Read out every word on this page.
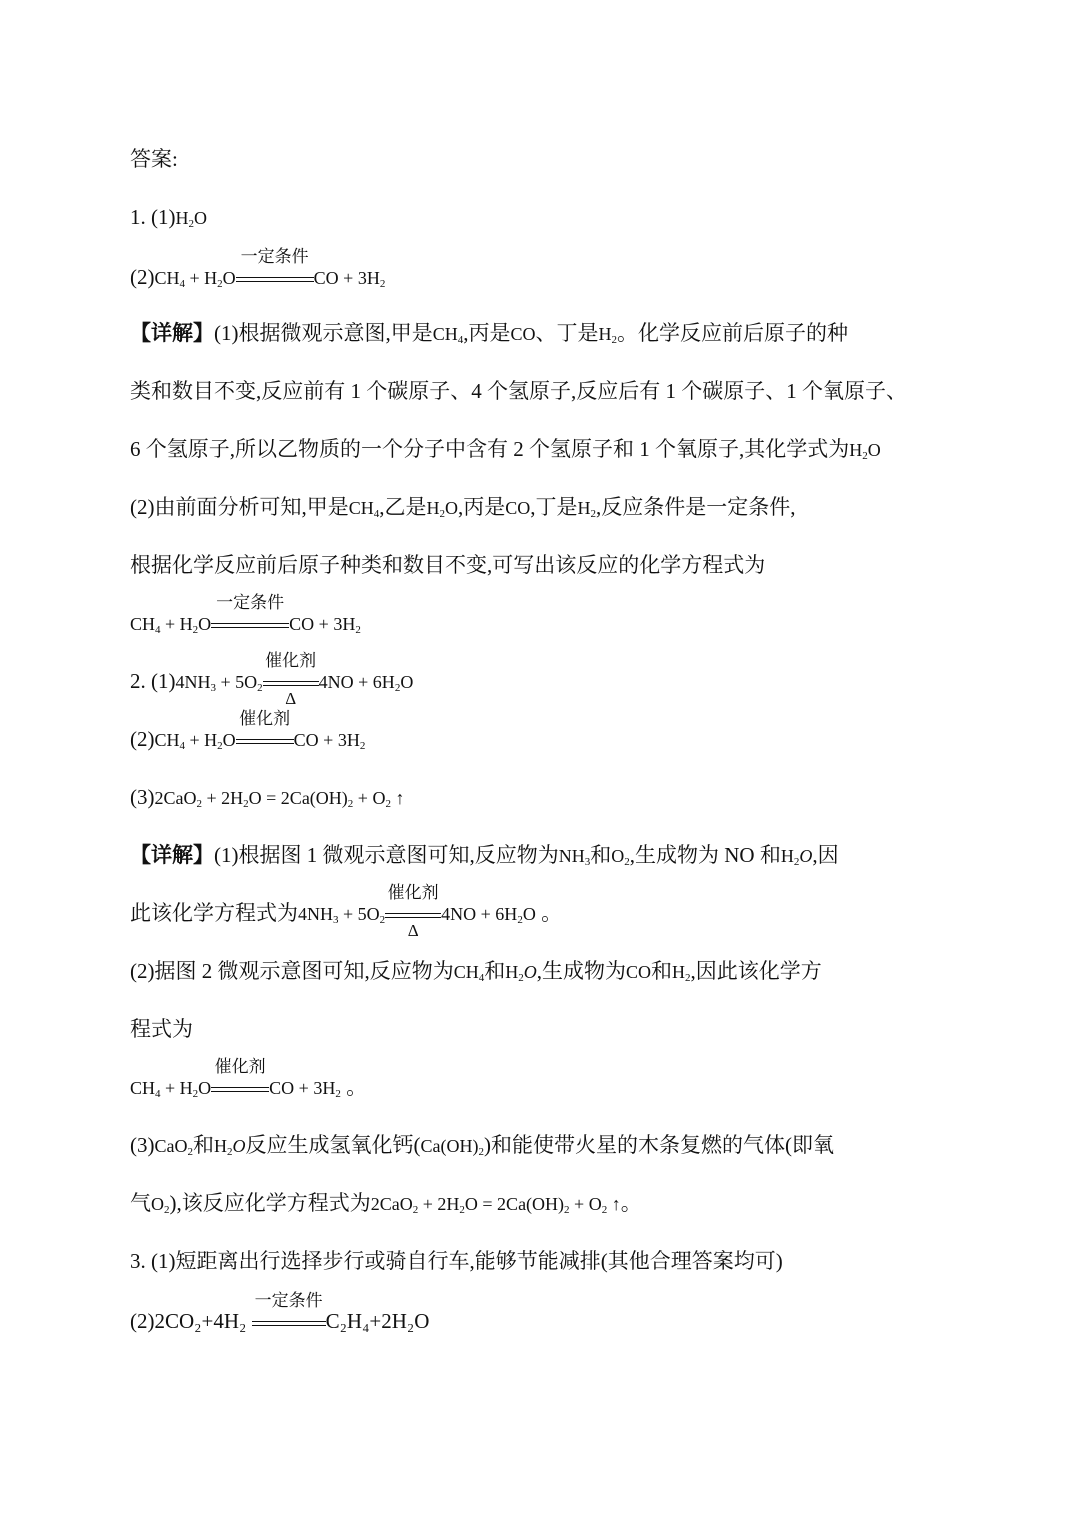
答案:
1. $(1)H_2O$
$(2)CH_4 + H_2O$
一定条件
CO + $3H_2$
【详解】(1)根据微观示意图,甲是$CH_4$,丙是CO、丁是$H_2$。化学反应前后原子的种
类和数目不变,反应前有 1 个碳原子、4 个氢原子,反应后有 1 个碳原子、1 个氧原子、
6 个氢原子,所以乙物质的一个分子中含有 2 个氢原子和 1 个氧原子,其化学式为$H_2O$
(2)由前面分析可知,甲是$CH_4$,乙是$H_2O$,丙是CO,丁是$H_2$,反应条件是一定条件,
根据化学反应前后原子种类和数目不变,可写出该反应的化学方程式为
$CH_4 + H_2O$
一定条件
CO + $3H_2$
2. $(1)4NH_3 + 5O_2$
催化剂
Δ
$4NO + 6H_2O$
$(2)CH_4 + H_2O$
催化剂
CO + $3H_2$
$(3)2CaO_2 + 2H_2O = 2Ca(OH)_2 + O_2$ ↑
【详解】(1)根据图 1 微观示意图可知,反应物为$NH_3$和$O_2$,生成物为 NO 和$H_2O$,因
此该化学方程式为$4NH_3 + 5O_2$
催化剂
Δ
$4NO + 6H_2O$ 。
(2)据图 2 微观示意图可知,反应物为$CH_4$和$H_2O$,生成物为CO和$H_2$,因此该化学方
程式为
$CH_4 + H_2O$
催化剂
CO + $3H_2$ 。
(3)CaO$_2$和$H_2O$反应生成氢氧化钙$(Ca(OH)_2)$和能使带火星的木条复燃的气体(即氧
气$O_2$),该反应化学方程式为$2CaO_2 + 2H_2O = 2Ca(OH)_2 + O_2$ ↑。
3. (1)短距离出行选择步行或骑自行车,能够节能减排(其他合理答案均可)
(2)2CO₂+4H₂
一定条件
C₂H₄+2H₂O
